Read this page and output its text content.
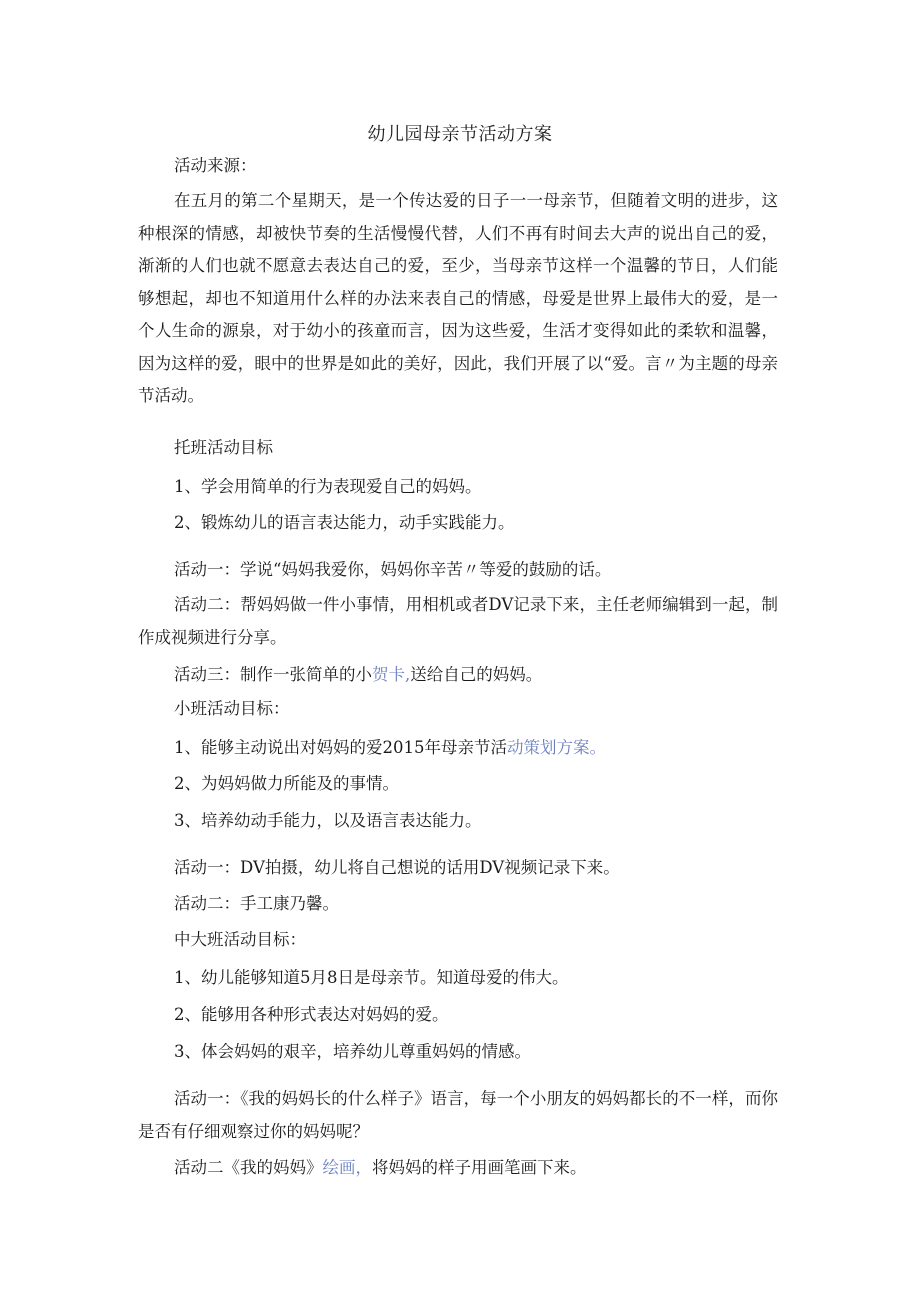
幼儿园母亲节活动方案

活动来源：

在五月的第二个星期天，是一个传达爱的日子一一母亲节，但随着文明的进步，这种根深的情感，却被快节奏的生活慢慢代替，人们不再有时间去大声的说出自己的爱，渐渐的人们也就不愿意去表达自己的爱，至少，当母亲节这样一个温馨的节日，人们能够想起，却也不知道用什么样的办法来表自己的情感，母爱是世界上最伟大的爱，是一个人生命的源泉，对于幼小的孩童而言，因为这些爱，生活才变得如此的柔软和温馨，因为这样的爱，眼中的世界是如此的美好，因此，我们开展了以“爱。言〃为主题的母亲节活动。

托班活动目标

1、学会用简单的行为表现爱自己的妈妈。

2、锻炼幼儿的语言表达能力，动手实践能力。

活动一：学说“妈妈我爱你，妈妈你辛苦〃等爱的鼓励的话。

活动二：帮妈妈做一件小事情，用相机或者DV记录下来，主任老师编辑到一起，制作成视频进行分享。

活动三：制作一张简单的小贺卡,送给自己的妈妈。

小班活动目标：

1、能够主动说出对妈妈的爱2015年母亲节活动策划方案。

2、为妈妈做力所能及的事情。

3、培养幼动手能力，以及语言表达能力。

活动一：DV拍摄，幼儿将自己想说的话用DV视频记录下来。

活动二：手工康乃馨。

中大班活动目标：

1、幼儿能够知道5月8日是母亲节。知道母爱的伟大。

2、能够用各种形式表达对妈妈的爱。

3、体会妈妈的艰辛，培养幼儿尊重妈妈的情感。

活动一：《我的妈妈长的什么样子》语言，每一个小朋友的妈妈都长的不一样，而你是否有仔细观察过你的妈妈呢？

活动二《我的妈妈》绘画，将妈妈的样子用画笔画下来。
